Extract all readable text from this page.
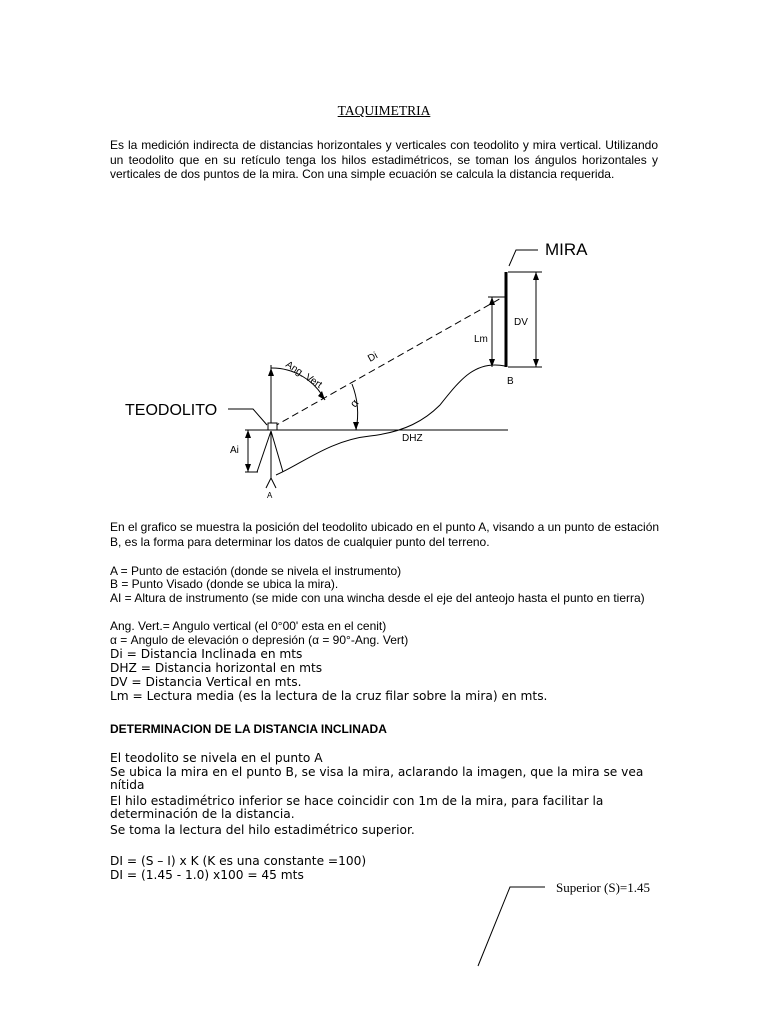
TAQUIMETRIA
Es la medición indirecta de distancias horizontales y verticales con teodolito y mira vertical. Utilizando un teodolito que en su retículo tenga los hilos estadimétricos, se toman los ángulos horizontales y verticales de dos puntos de la mira. Con una simple ecuación se calcula la distancia requerida.
MIRA
TEODOLITO
Di
Ang. Vert
α
DV
Lm
B
Ai
DHZ
A
En el grafico se muestra la posición del teodolito ubicado en el punto A, visando a un punto de estación B, es la forma para determinar los datos de cualquier punto del terreno.
A = Punto de estación (donde se nivela el instrumento)
B = Punto Visado (donde se ubica la mira).
AI = Altura de instrumento (se mide con una wincha desde el eje del anteojo hasta el punto en tierra)
Ang. Vert.= Angulo vertical (el 0°00' esta en el cenit)
α = Angulo de elevación o depresión (α = 90°-Ang. Vert)
Di = Distancia Inclinada en mts
DHZ = Distancia horizontal en mts
DV = Distancia Vertical en mts.
Lm = Lectura media (es la lectura de la cruz filar sobre la mira) en mts.
DETERMINACION DE LA DISTANCIA INCLINADA
El teodolito se nivela en el punto A
Se ubica la mira en el punto B, se visa la mira, aclarando la imagen, que la mira se vea nítida
El hilo estadimétrico inferior se hace coincidir con 1m de la mira, para facilitar la determinación de la distancia.
Se toma la lectura del hilo estadimétrico superior.
DI = (S – I) x K (K es una constante =100)
DI = (1.45 - 1.0) x100 = 45 mts
Superior (S)=1.45
